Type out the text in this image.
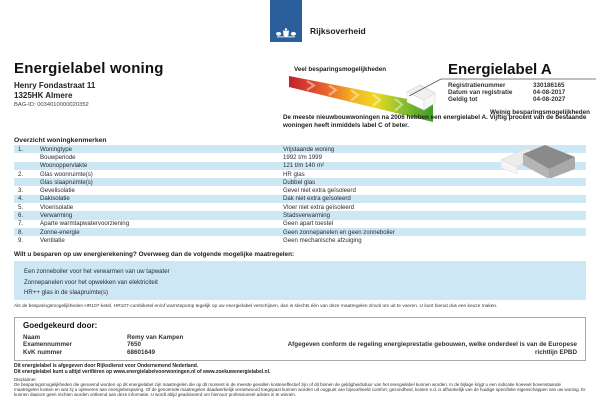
Rijksoverheid
Energielabel woning
Henry Fondastraat 11
1325HK Almere
BAG-ID: 0034010000020352
Veel besparingsmogelijkheden
Weinig besparingsmogelijkheden
Energielabel A
Registratienummer	330186165
Datum van registratie	04-08-2017
Geldig tot	04-08-2027
De meeste nieuwbouwwoningen na 2006 hebben een energielabel A. Vijftig procent van de bestaande woningen heeft inmiddels label C of beter.
Overzicht woningkenmerken
1.	Woningtype	Vrijstaande woning
Bouwperiode	1992 t/m 1999
Woonoppervlakte	121 t/m 140 m²
2.	Glas woonruimte(s)	HR glas
Glas slaapruimte(s)	Dubbel glas
3.	Gevelisolatie	Gevel niet extra geïsoleerd
4.	Dakisolatie	Dak niet extra geïsoleerd
5.	Vloerisolatie	Vloer niet extra geïsoleerd
6.	Verwarming	Stadsverwarming
7.	Aparte warmtapwatervoorziening	Geen apart toestel
8.	Zonne-energie	Geen zonnepanelen en geen zonneboiler
9.	Ventilatie	Geen mechanische afzuiging
Wilt u besparen op uw energierekening? Overweeg dan de volgende mogelijke maatregelen:
Een zonneboiler voor het verwarmen van uw tapwater
Zonnepanelen voor het opwekken van elektriciteit
HR++ glas in de slaapruimte(s)
Als de besparingsmogelijkheden HR107-ketel, HR107-combiketel en/of warmtepomp tegelijk op uw energielabel verschijnen, dan is slechts één van deze maatregelen zinvol om uit te voeren. U kunt hieruit dus een keuze maken.
Goedgekeurd door:
Naam	Remy van Kampen
Examennummer	7650
KvK nummer	68601649
Afgegeven conform de regeling energieprestatie gebouwen, welke onderdeel is van de Europese richtlijn EPBD
Dit energielabel is afgegeven door Rijksdienst voor Ondernemend Nederland.
Dit energielabel kunt u altijd verifiëren op www.energielabelvoorwoningen.nl of www.zoekuwenergielabel.nl.
Disclaimer
De besparingsmogelijkheden die genoemd worden op dit energielabel zijn maatregelen die op dit moment in de meeste gevallen kosteneffectief zijn of dit binnen de geldigheidsduur van het energielabel kunnen worden. In de bijlage krijgt u een indicatie hoeveel bovenstaande maatregelen kosten en wat zij u opleveren aan energiebesparing. Of de genoemde maatregelen daadwerkelijk verantwoord toegepast kunnen worden uit oogpunt van bijvoorbeeld comfort, gezondheid, kosten e.d. is afhankelijk van de huidige specifieke eigenschappen van uw woning. Er kunnen daarom geen rechten worden ontleend aan deze informatie. U wordt altijd geadviseerd om hiervoor professioneel advies in te winnen.
